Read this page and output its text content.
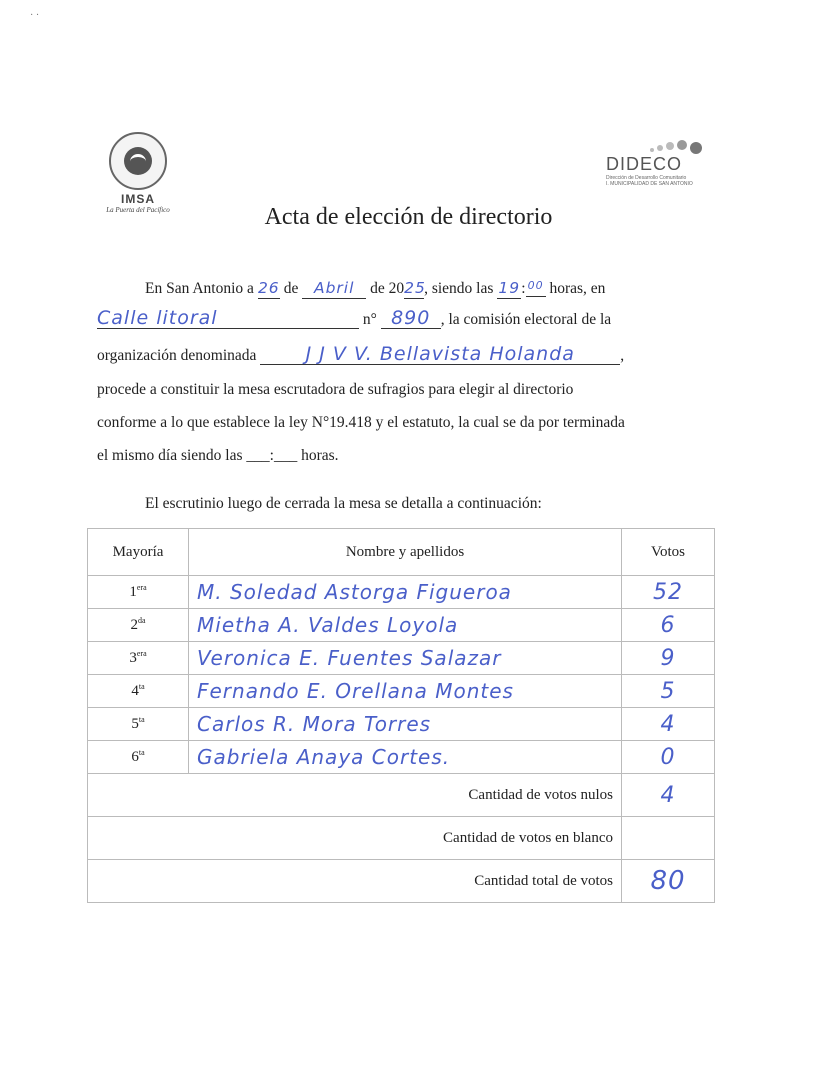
· ·
IMSA
La Puerta del Pacífico
DIDECO
Dirección de Desarrollo Comunitario
I. MUNICIPALIDAD DE SAN ANTONIO
Acta de elección de directorio
En San Antonio a 26 de Abril de 2025, siendo las 19: 00 horas, en
Calle litoral	n° 890 , la comisión electoral de la
organización denominada	J J V V. Bellavista Holanda	,
procede a constituir la mesa escrutadora de sufragios para elegir al directorio
conforme a lo que establece la ley N°19.418 y el estatuto, la cual se da por terminada
el mismo día siendo las ___:___ horas.
El escrutinio luego de cerrada la mesa se detalla a continuación:
Mayoría	Nombre y apellidos	Votos
$1^{era}$	M. Soledad Astorga Figueroa	52
$2^{da}$	Mietha A. Valdes Loyola	6
$3^{era}$	Veronica E. Fuentes Salazar	9
$4^{ta}$	Fernando E. Orellana Montes	5
$5^{ta}$	Carlos R. Mora Torres	4
$6^{ta}$	Gabriela Anaya Cortes.	0
Cantidad de votos nulos		4
Cantidad de votos en blanco		
Cantidad total de votos		80
